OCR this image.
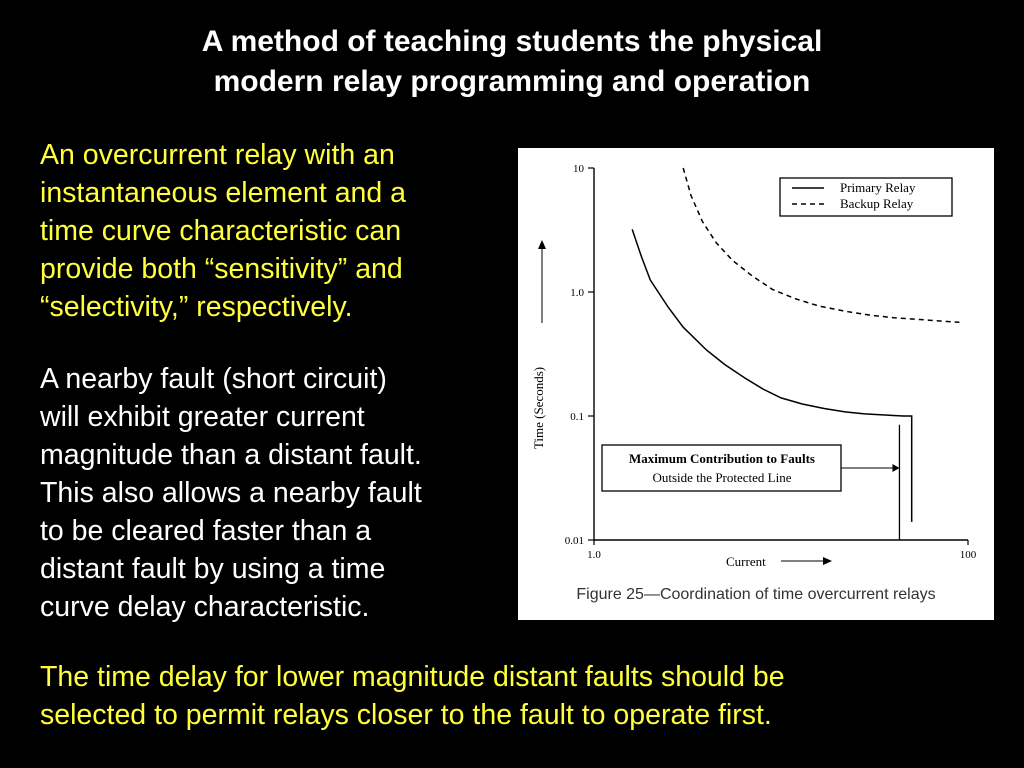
A method of teaching students the physical
modern relay programming and operation
An overcurrent relay with an
instantaneous element and a
time curve characteristic can
provide both “sensitivity” and
“selectivity,” respectively.
A nearby fault (short circuit)
will exhibit greater current
magnitude than a distant fault.
This also allows a nearby fault
to be cleared faster than a
distant fault by using a time
curve delay characteristic.
The time delay for lower magnitude distant faults should be
selected to permit relays closer to the fault to operate first.
10
1.0
0.1
0.01
1.0	100
Primary Relay
Backup Relay
Maximum Contribution to Faults
Outside the Protected Line
Time (Seconds)
Current
Figure 25—Coordination of time overcurrent relays
